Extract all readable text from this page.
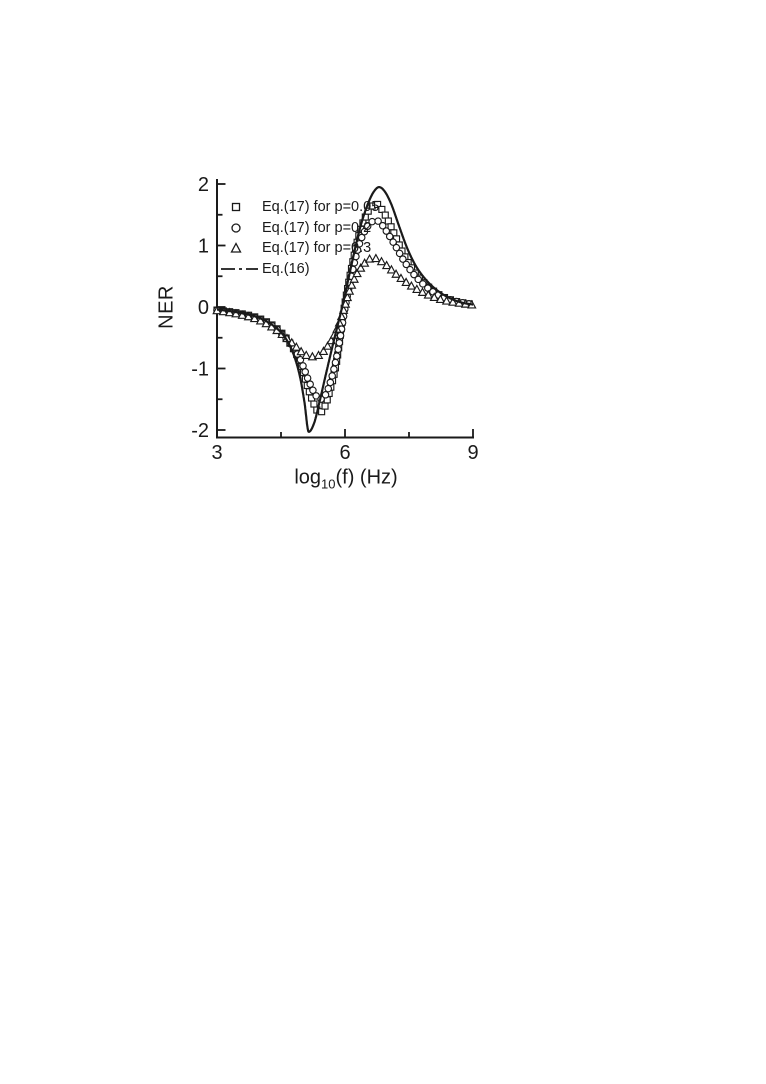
3	6	9
2
1
0
-1
-2
NER
$\log_{10}(f)$ (Hz)
Eq.(17) for p=0.05
Eq.(17) for p=0.2
Eq.(17) for p=0.3
Eq.(16)
